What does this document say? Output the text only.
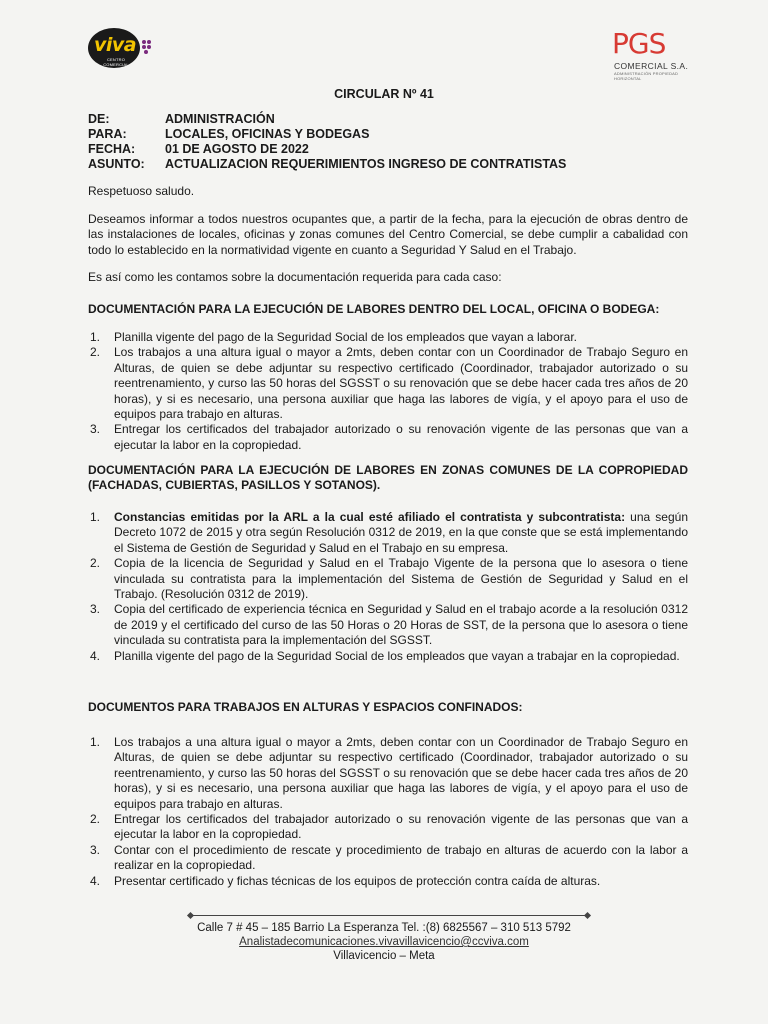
viva
CENTRO COMERCIAL
PGS
COMERCIAL S.A.
ADMINISTRACIÓN PROPIEDAD HORIZONTAL
CIRCULAR Nº 41
DE:	ADMINISTRACIÓN
PARA:	LOCALES, OFICINAS Y BODEGAS
FECHA:	01 DE AGOSTO DE 2022
ASUNTO:	ACTUALIZACION REQUERIMIENTOS INGRESO DE CONTRATISTAS
Respetuoso saludo.
Deseamos informar a todos nuestros ocupantes que, a partir de la fecha, para la ejecución de obras dentro de las instalaciones de locales, oficinas y zonas comunes del Centro Comercial, se debe cumplir a cabalidad con todo lo establecido en la normatividad vigente en cuanto a Seguridad Y Salud en el Trabajo.
Es así como les contamos sobre la documentación requerida para cada caso:
DOCUMENTACIÓN PARA LA EJECUCIÓN DE LABORES DENTRO DEL LOCAL, OFICINA O BODEGA:
1. Planilla vigente del pago de la Seguridad Social de los empleados que vayan a laborar.
2. Los trabajos a una altura igual o mayor a 2mts, deben contar con un Coordinador de Trabajo Seguro en Alturas, de quien se debe adjuntar su respectivo certificado (Coordinador, trabajador autorizado o su reentrenamiento, y curso las 50 horas del SGSST o su renovación que se debe hacer cada tres años de 20 horas), y si es necesario, una persona auxiliar que haga las labores de vigía, y el apoyo para el uso de equipos para trabajo en alturas.
3. Entregar los certificados del trabajador autorizado o su renovación vigente de las personas que van a ejecutar la labor en la copropiedad.
DOCUMENTACIÓN PARA LA EJECUCIÓN DE LABORES EN ZONAS COMUNES DE LA COPROPIEDAD (FACHADAS, CUBIERTAS, PASILLOS Y SOTANOS).
1. Constancias emitidas por la ARL a la cual esté afiliado el contratista y subcontratista: una según Decreto 1072 de 2015 y otra según Resolución 0312 de 2019, en la que conste que se está implementando el Sistema de Gestión de Seguridad y Salud en el Trabajo en su empresa.
2. Copia de la licencia de Seguridad y Salud en el Trabajo Vigente de la persona que lo asesora o tiene vinculada su contratista para la implementación del Sistema de Gestión de Seguridad y Salud en el Trabajo. (Resolución 0312 de 2019).
3. Copia del certificado de experiencia técnica en Seguridad y Salud en el trabajo acorde a la resolución 0312 de 2019 y el certificado del curso de las 50 Horas o 20 Horas de SST, de la persona que lo asesora o tiene vinculada su contratista para la implementación del SGSST.
4. Planilla vigente del pago de la Seguridad Social de los empleados que vayan a trabajar en la copropiedad.
DOCUMENTOS PARA TRABAJOS EN ALTURAS Y ESPACIOS CONFINADOS:
1. Los trabajos a una altura igual o mayor a 2mts, deben contar con un Coordinador de Trabajo Seguro en Alturas, de quien se debe adjuntar su respectivo certificado (Coordinador, trabajador autorizado o su reentrenamiento, y curso las 50 horas del SGSST o su renovación que se debe hacer cada tres años de 20 horas), y si es necesario, una persona auxiliar que haga las labores de vigía, y el apoyo para el uso de equipos para trabajo en alturas.
2. Entregar los certificados del trabajador autorizado o su renovación vigente de las personas que van a ejecutar la labor en la copropiedad.
3. Contar con el procedimiento de rescate y procedimiento de trabajo en alturas de acuerdo con la labor a realizar en la copropiedad.
4. Presentar certificado y fichas técnicas de los equipos de protección contra caída de alturas.
Calle 7 # 45 – 185 Barrio La Esperanza Tel. :(8) 6825567 – 310 513 5792
Analistadecomunicaciones.vivavillavicencio@ccviva.com
Villavicencio – Meta
